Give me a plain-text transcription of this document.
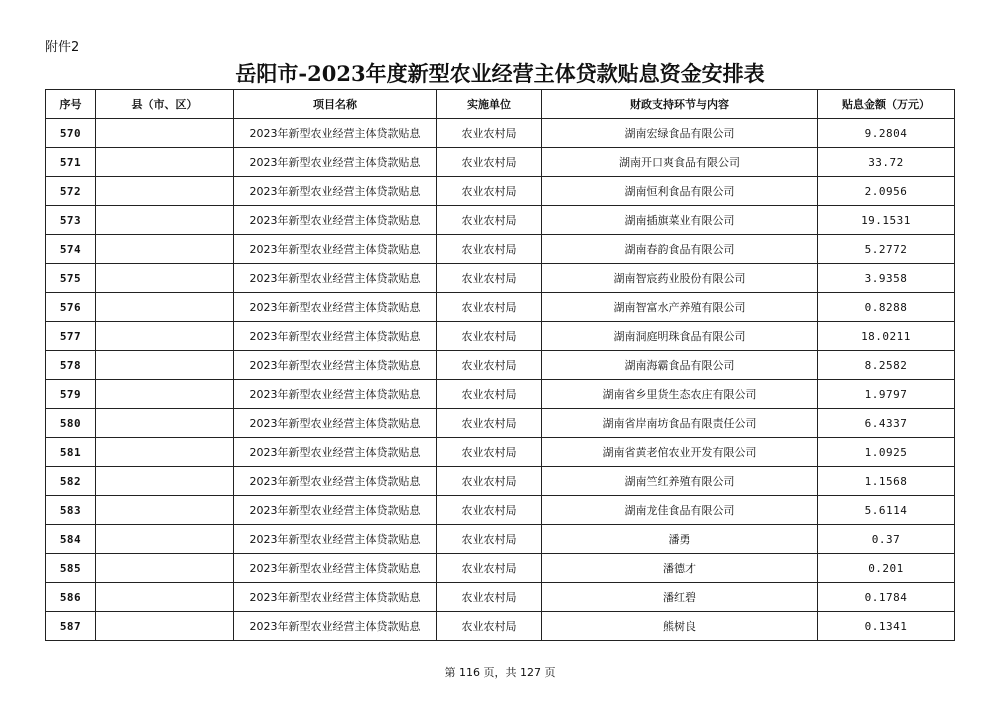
附件2
岳阳市-2023年度新型农业经营主体贷款贴息资金安排表
序号	县（市、区）	项目名称	实施单位	财政支持环节与内容	贴息金额（万元）
570		2023年新型农业经营主体贷款贴息	农业农村局	湖南宏绿食品有限公司	9.2804
571		2023年新型农业经营主体贷款贴息	农业农村局	湖南开口爽食品有限公司	33.72
572		2023年新型农业经营主体贷款贴息	农业农村局	湖南恒利食品有限公司	2.0956
573		2023年新型农业经营主体贷款贴息	农业农村局	湖南插旗菜业有限公司	19.1531
574		2023年新型农业经营主体贷款贴息	农业农村局	湖南春韵食品有限公司	5.2772
575		2023年新型农业经营主体贷款贴息	农业农村局	湖南智宸药业股份有限公司	3.9358
576		2023年新型农业经营主体贷款贴息	农业农村局	湖南智富水产养殖有限公司	0.8288
577		2023年新型农业经营主体贷款贴息	农业农村局	湖南洞庭明珠食品有限公司	18.0211
578		2023年新型农业经营主体贷款贴息	农业农村局	湖南海霸食品有限公司	8.2582
579		2023年新型农业经营主体贷款贴息	农业农村局	湖南省乡里货生态农庄有限公司	1.9797
580		2023年新型农业经营主体贷款贴息	农业农村局	湖南省岸南坊食品有限责任公司	6.4337
581		2023年新型农业经营主体贷款贴息	农业农村局	湖南省黄老倌农业开发有限公司	1.0925
582		2023年新型农业经营主体贷款贴息	农业农村局	湖南竺红养殖有限公司	1.1568
583		2023年新型农业经营主体贷款贴息	农业农村局	湖南龙佳食品有限公司	5.6114
584		2023年新型农业经营主体贷款贴息	农业农村局	潘勇	0.37
585		2023年新型农业经营主体贷款贴息	农业农村局	潘德才	0.201
586		2023年新型农业经营主体贷款贴息	农业农村局	潘红碧	0.1784
587		2023年新型农业经营主体贷款贴息	农业农村局	熊树良	0.1341
第 116 页，共 127 页
